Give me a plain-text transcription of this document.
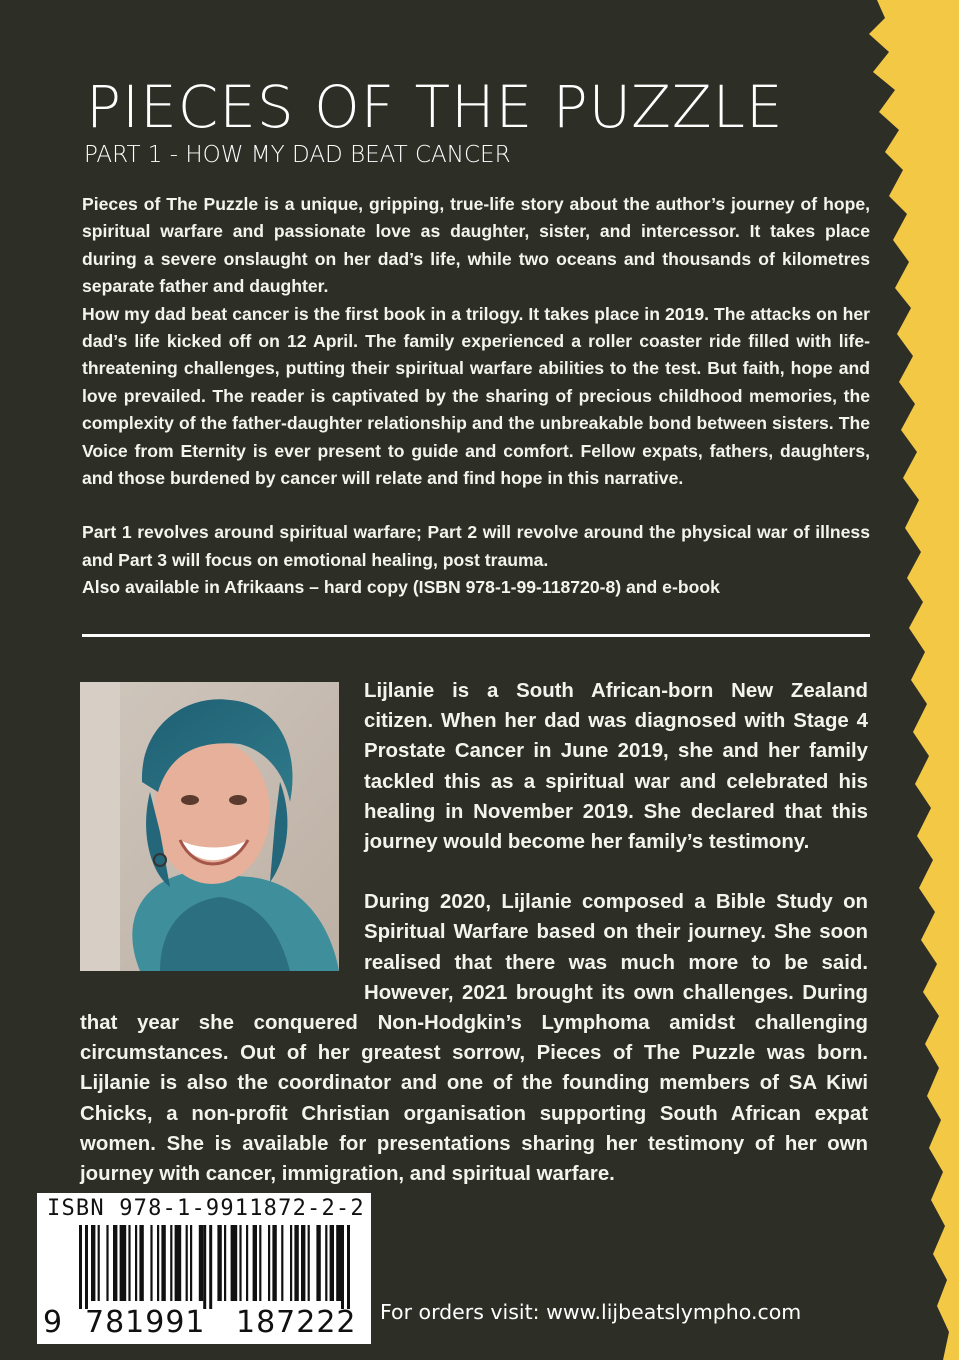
PIECES OF THE PUZZLE
PART 1 - HOW MY DAD BEAT CANCER

Pieces of The Puzzle is a unique, gripping, true-life story about the author’s journey of hope, spiritual warfare and passionate love as daughter, sister, and intercessor. It takes place during a severe onslaught on her dad’s life, while two oceans and thousands of kilometres separate father and daughter.

How my dad beat cancer is the first book in a trilogy. It takes place in 2019. The attacks on her dad’s life kicked off on 12 April. The family experienced a roller coaster ride filled with life-threatening challenges, putting their spiritual warfare abilities to the test. But faith, hope and love prevailed. The reader is captivated by the sharing of precious childhood memories, the complexity of the father-daughter relationship and the unbreakable bond between sisters. The Voice from Eternity is ever present to guide and comfort. Fellow expats, fathers, daughters, and those burdened by cancer will relate and find hope in this narrative.

Part 1 revolves around spiritual warfare; Part 2 will revolve around the physical war of illness and Part 3 will focus on emotional healing, post trauma.

Also available in Afrikaans – hard copy (ISBN 978-1-99-118720-8) and e-book

Lijlanie is a South African-born New Zealand citizen. When her dad was diagnosed with Stage 4 Prostate Cancer in June 2019, she and her family tackled this as a spiritual war and celebrated his healing in November 2019. She declared that this journey would become her family’s testimony.

During 2020, Lijlanie composed a Bible Study on Spiritual Warfare based on their journey. She soon realised that there was much more to be said. However, 2021 brought its own challenges. During that year she conquered Non-Hodgkin’s Lymphoma amidst challenging circumstances. Out of her greatest sorrow, Pieces of The Puzzle was born. Lijlanie is also the coordinator and one of the founding members of SA Kiwi Chicks, a non-profit Christian organisation supporting South African expat women. She is available for presentations sharing her testimony of her own journey with cancer, immigration, and spiritual warfare.

ISBN 978-1-9911872-2-2
9 781991 187222 For orders visit: www.lijbeatslympho.com
